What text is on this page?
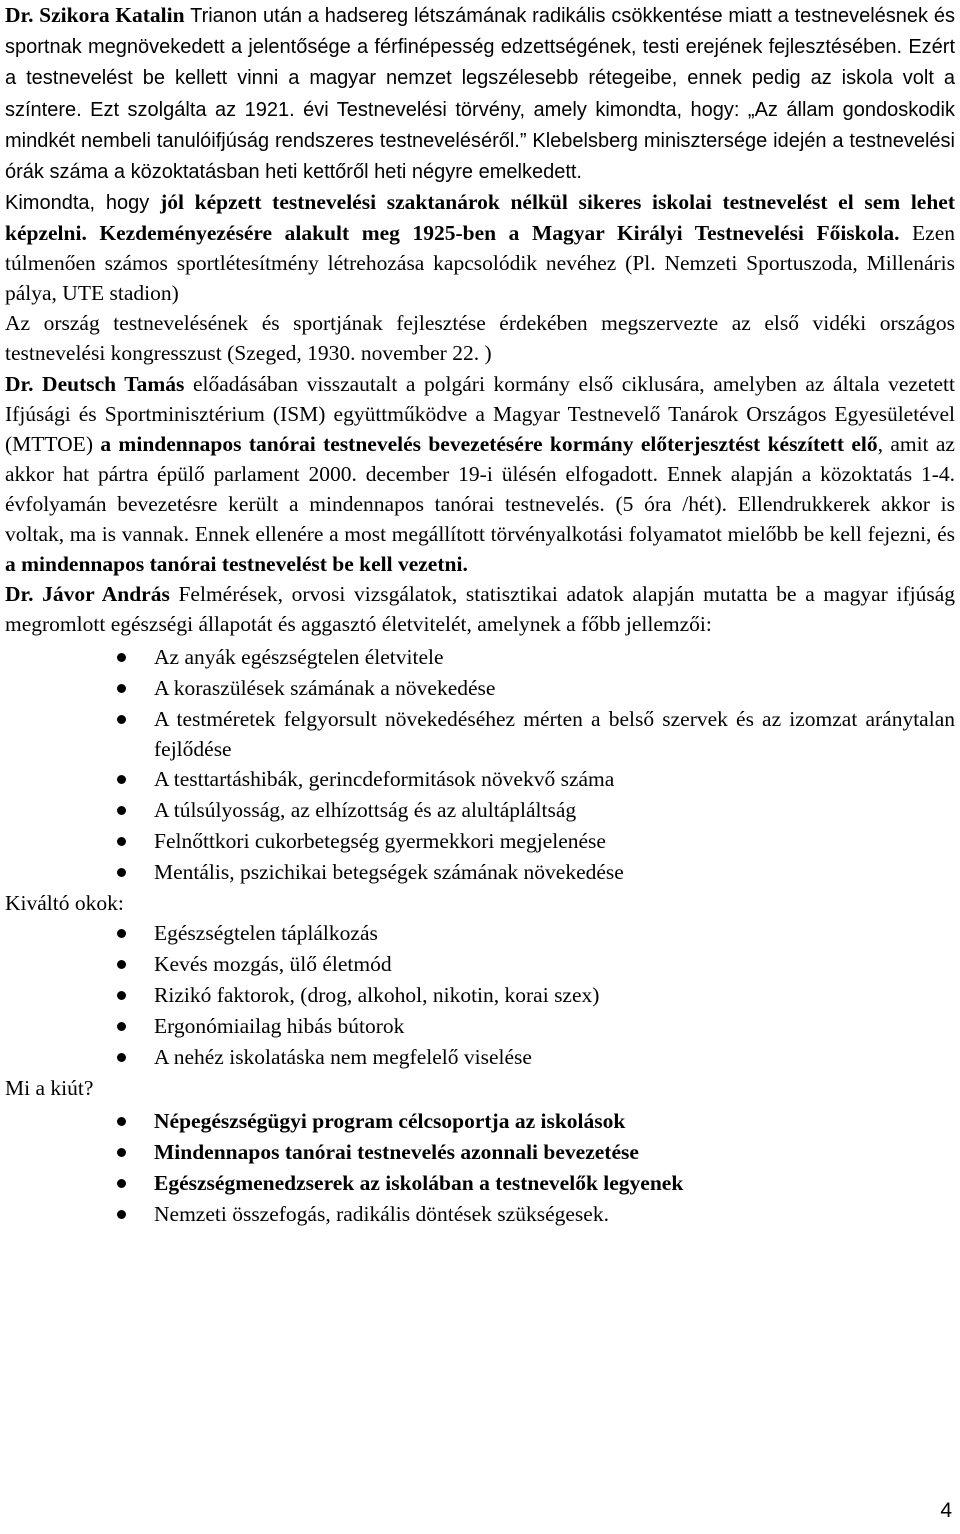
Dr. Szikora Katalin Trianon után a hadsereg létszámának radikális csökkentése miatt a testnevelésnek és sportnak megnövekedett a jelentősége a férfinépesség edzettségének, testi erejének fejlesztésében. Ezért a testnevelést be kellett vinni a magyar nemzet legszélesebb rétegeibe, ennek pedig az iskola volt a színtere. Ezt szolgálta az 1921. évi Testnevelési törvény, amely kimondta, hogy: „Az állam gondoskodik mindkét nembeli tanulóifjúság rendszeres testneveléséről.” Klebelsberg minisztersége idején a testnevelési órák száma a közoktatásban heti kettőről heti négyre emelkedett.

Kimondta, hogy jól képzett testnevelési szaktanárok nélkül sikeres iskolai testnevelést el sem lehet képzelni. Kezdeményezésére alakult meg 1925-ben a Magyar Királyi Testnevelési Főiskola. Ezen túlmenően számos sportlétesítmény létrehozása kapcsolódik nevéhez (Pl. Nemzeti Sportuszoda, Millenáris pálya, UTE stadion)

Az ország testnevelésének és sportjának fejlesztése érdekében megszervezte az első vidéki országos testnevelési kongresszust (Szeged, 1930. november 22. )

Dr. Deutsch Tamás előadásában visszautalt a polgári kormány első ciklusára, amelyben az általa vezetett Ifjúsági és Sportminisztérium (ISM) együttműködve a Magyar Testnevelő Tanárok Országos Egyesületével (MTTOE) a mindennapos tanórai testnevelés bevezetésére kormány előterjesztést készített elő, amit az akkor hat pártra épülő parlament 2000. december 19-i ülésén elfogadott. Ennek alapján a közoktatás 1-4. évfolyamán bevezetésre került a mindennapos tanórai testnevelés. (5 óra /hét). Ellendrukkerek akkor is voltak, ma is vannak. Ennek ellenére a most megállított törvényalkotási folyamatot mielőbb be kell fejezni, és a mindennapos tanórai testnevelést be kell vezetni.

Dr. Jávor András Felmérések, orvosi vizsgálatok, statisztikai adatok alapján mutatta be a magyar ifjúság megromlott egészségi állapotát és aggasztó életvitelét, amelynek a főbb jellemzői:

Az anyák egészségtelen életvitele
A koraszülések számának a növekedése
A testméretek felgyorsult növekedéséhez mérten a belső szervek és az izomzat aránytalan fejlődése
A testtartáshibák, gerincdeformitások növekvő száma
A túlsúlyosság, az elhízottság és az alultápláltság
Felnőttkori cukorbetegség gyermekkori megjelenése
Mentális, pszichikai betegségek számának növekedése

Kiváltó okok:

Egészségtelen táplálkozás
Kevés mozgás, ülő életmód
Rizikó faktorok, (drog, alkohol, nikotin, korai szex)
Ergonómiailag hibás bútorok
A nehéz iskolatáska nem megfelelő viselése

Mi a kiút?

Népegészségügyi program célcsoportja az iskolások
Mindennapos tanórai testnevelés azonnali bevezetése
Egészségmenedzserek az iskolában a testnevelők legyenek
Nemzeti összefogás, radikális döntések szükségesek.
4
